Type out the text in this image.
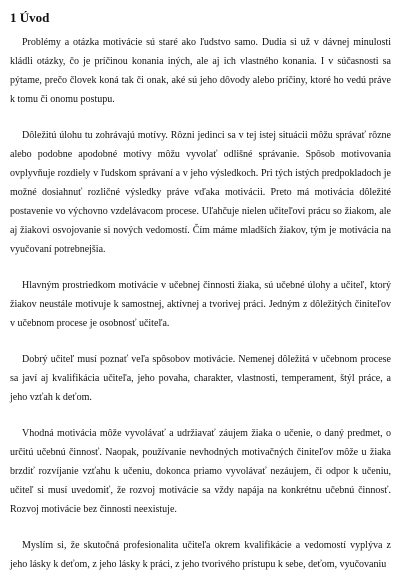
1 Úvod

Problémy a otázka motivácie sú staré ako ľudstvo samo. Dudia si už v dávnej minulosti kládli otázky, čo je príčinou konania iných, ale aj ich vlastného konania. I v súčasnosti sa pýtame, prečo človek koná tak či onak, aké sú jeho dôvody alebo príčiny, ktoré ho vedú práve k tomu či onomu postupu.

Dôležitú úlohu tu zohrávajú motívy. Rôzni jedinci sa v tej istej situácii môžu správať rôzne alebo podobne apodobné motívy môžu vyvolať odlišné správanie. Spôsob motivovania ovplyvňuje rozdiely v ľudskom správaní a v jeho výsledkoch. Pri tých istých predpokladoch je možné dosiahnuť rozličné výsledky práve vďaka motivácii. Preto má motivácia dôležité postavenie vo výchovno vzdelávacom procese. Uľahčuje nielen učiteľovi prácu so žiakom, ale aj žiakovi osvojovanie si nových vedomostí. Čím máme mladších žiakov, tým je motivácia na vyučovaní potrebnejšia.

Hlavným prostriedkom motivácie v učebnej činnosti žiaka, sú učebné úlohy a učiteľ, ktorý žiakov neustále motivuje k samostnej, aktívnej a tvorivej práci. Jedným z dôležitých činiteľov v učebnom procese je osobnosť učiteľa.

Dobrý učiteľ musí poznať veľa spôsobov motivácie. Nemenej dôležitá v učebnom procese sa javí aj kvalifikácia učiteľa, jeho povaha, charakter, vlastnosti, temperament, štýl práce, a jeho vzťah k deťom.

Vhodná motivácia môže vyvolávať a udržiavať záujem žiaka o učenie, o daný predmet, o určitú učebnú činnosť. Naopak, používanie nevhodných motivačných činiteľov môže u žiaka brzdiť rozvíjanie vzťahu k učeniu, dokonca priamo vyvolávať nezáujem, či odpor k učeniu, učiteľ si musí uvedomiť, že rozvoj motivácie sa vždy napája na konkrétnu učebnú činnosť. Rozvoj motivácie bez činnosti neexistuje.

Myslím si, že skutočná profesionalita učiteľa okrem kvalifikácie a vedomostí vyplýva z jeho lásky k deťom, z jeho lásky k práci, z jeho tvorivého prístupu k sebe, deťom, vyučovaniu
